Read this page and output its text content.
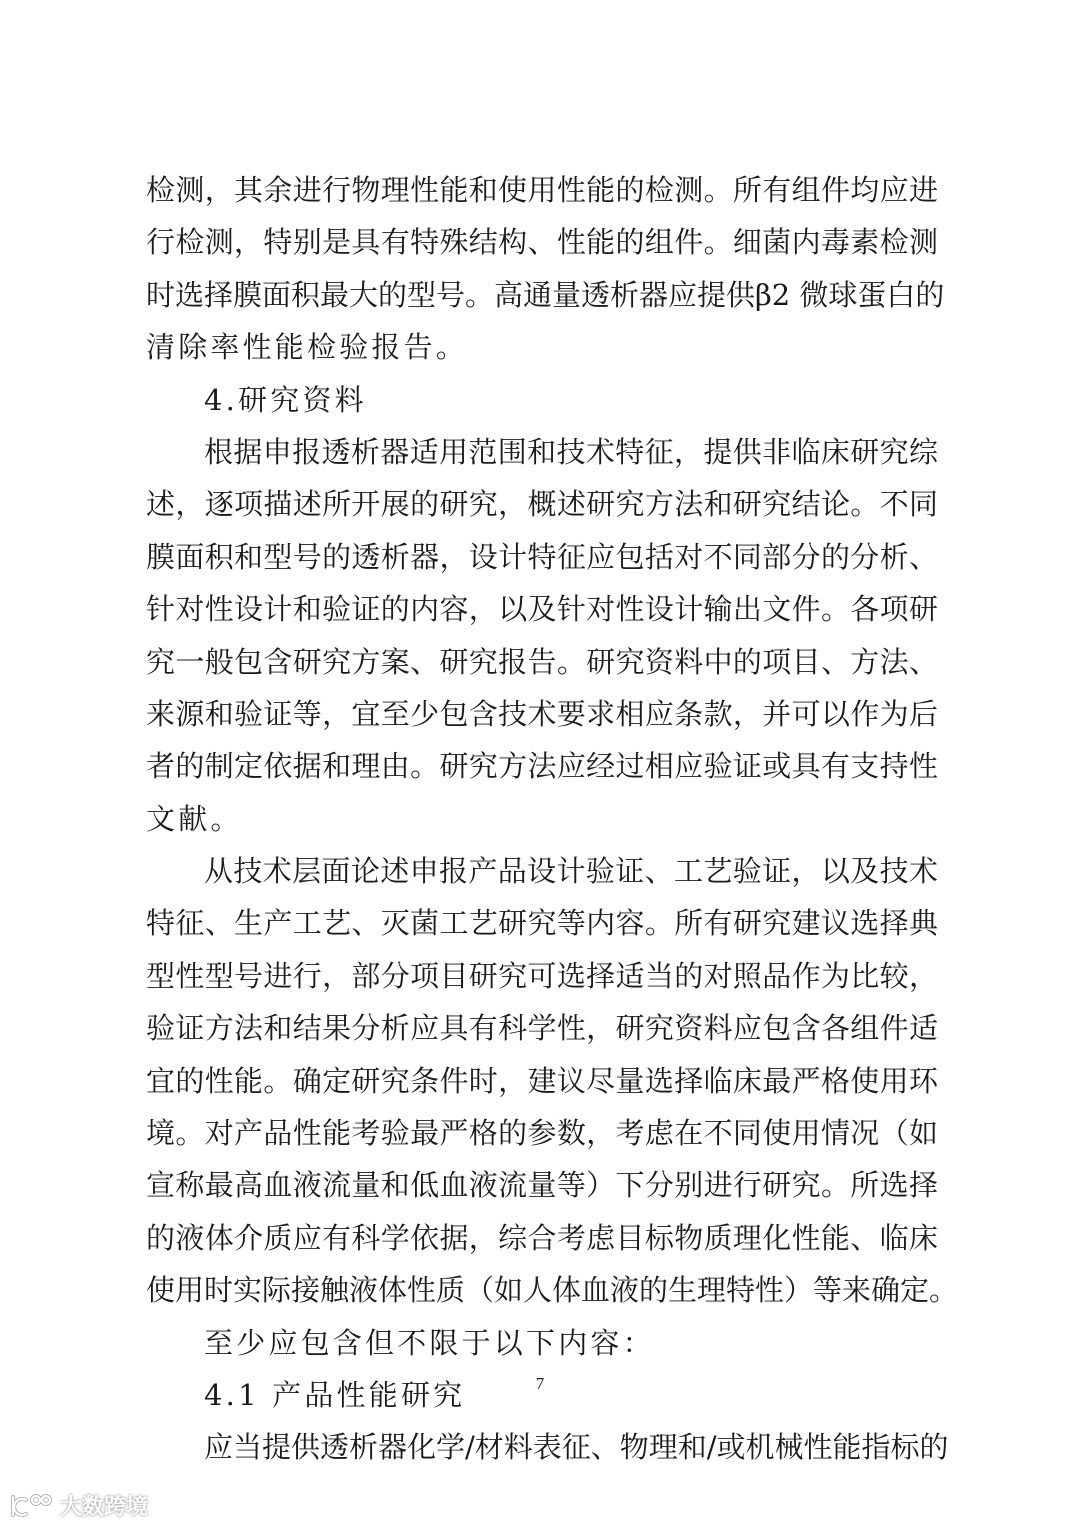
检测，其余进行物理性能和使用性能的检测。所有组件均应进
行检测，特别是具有特殊结构、性能的组件。细菌内毒素检测
时选择膜面积最大的型号。高通量透析器应提供β2 微球蛋白的
清除率性能检验报告。
4.研究资料
根据申报透析器适用范围和技术特征，提供非临床研究综
述，逐项描述所开展的研究，概述研究方法和研究结论。不同
膜面积和型号的透析器，设计特征应包括对不同部分的分析、
针对性设计和验证的内容，以及针对性设计输出文件。各项研
究一般包含研究方案、研究报告。研究资料中的项目、方法、
来源和验证等，宜至少包含技术要求相应条款，并可以作为后
者的制定依据和理由。研究方法应经过相应验证或具有支持性
文献。
从技术层面论述申报产品设计验证、工艺验证，以及技术
特征、生产工艺、灭菌工艺研究等内容。所有研究建议选择典
型性型号进行，部分项目研究可选择适当的对照品作为比较，
验证方法和结果分析应具有科学性，研究资料应包含各组件适
宜的性能。确定研究条件时，建议尽量选择临床最严格使用环
境。对产品性能考验最严格的参数，考虑在不同使用情况（如
宣称最高血液流量和低血液流量等）下分别进行研究。所选择
的液体介质应有科学依据，综合考虑目标物质理化性能、临床
使用时实际接触液体性质（如人体血液的生理特性）等来确定。
至少应包含但不限于以下内容：
4.1 产品性能研究
应当提供透析器化学/材料表征、物理和/或机械性能指标的
7
大数跨境
